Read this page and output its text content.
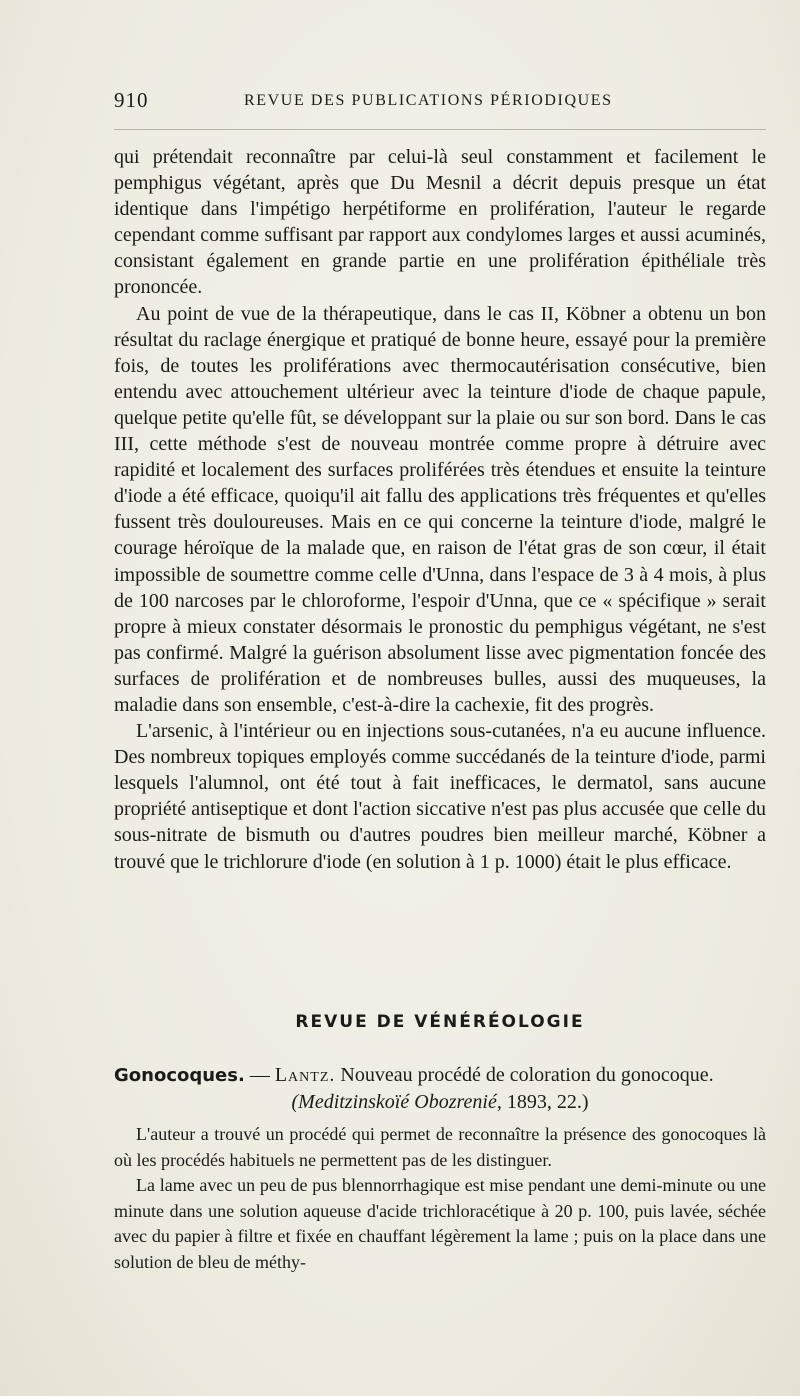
910	REVUE DES PUBLICATIONS PÉRIODIQUES

qui prétendait reconnaître par celui-là seul constamment et facilement le pemphigus végétant, après que Du Mesnil a décrit depuis presque un état identique dans l'impétigo herpétiforme en prolifération, l'auteur le regarde cependant comme suffisant par rapport aux condylomes larges et aussi acuminés, consistant également en grande partie en une prolifération épithéliale très prononcée.

Au point de vue de la thérapeutique, dans le cas II, Köbner a obtenu un bon résultat du raclage énergique et pratiqué de bonne heure, essayé pour la première fois, de toutes les proliférations avec thermocautérisation consécutive, bien entendu avec attouchement ultérieur avec la teinture d'iode de chaque papule, quelque petite qu'elle fût, se développant sur la plaie ou sur son bord. Dans le cas III, cette méthode s'est de nouveau montrée comme propre à détruire avec rapidité et localement des surfaces proliférées très étendues et ensuite la teinture d'iode a été efficace, quoiqu'il ait fallu des applications très fréquentes et qu'elles fussent très douloureuses. Mais en ce qui concerne la teinture d'iode, malgré le courage héroïque de la malade que, en raison de l'état gras de son cœur, il était impossible de soumettre comme celle d'Unna, dans l'espace de 3 à 4 mois, à plus de 100 narcoses par le chloroforme, l'espoir d'Unna, que ce « spécifique » serait propre à mieux constater désormais le pronostic du pemphigus végétant, ne s'est pas confirmé. Malgré la guérison absolument lisse avec pigmentation foncée des surfaces de prolifération et de nombreuses bulles, aussi des muqueuses, la maladie dans son ensemble, c'est-à-dire la cachexie, fit des progrès.

L'arsenic, à l'intérieur ou en injections sous-cutanées, n'a eu aucune influence. Des nombreux topiques employés comme succédanés de la teinture d'iode, parmi lesquels l'alumnol, ont été tout à fait inefficaces, le dermatol, sans aucune propriété antiseptique et dont l'action siccative n'est pas plus accusée que celle du sous-nitrate de bismuth ou d'autres poudres bien meilleur marché, Köbner a trouvé que le trichlorure d'iode (en solution à 1 p. 1000) était le plus efficace.

REVUE DE VÉNÉRÉOLOGIE
Gonocoques. — Lantz. Nouveau procédé de coloration du gonocoque.
(Meditzinskoïé Obozrenié, 1893, 22.)

L'auteur a trouvé un procédé qui permet de reconnaître la présence des gonocoques là où les procédés habituels ne permettent pas de les distinguer.

La lame avec un peu de pus blennorrhagique est mise pendant une demi-minute ou une minute dans une solution aqueuse d'acide trichloracétique à 20 p. 100, puis lavée, séchée avec du papier à filtre et fixée en chauffant légèrement la lame ; puis on la place dans une solution de bleu de méthy-
